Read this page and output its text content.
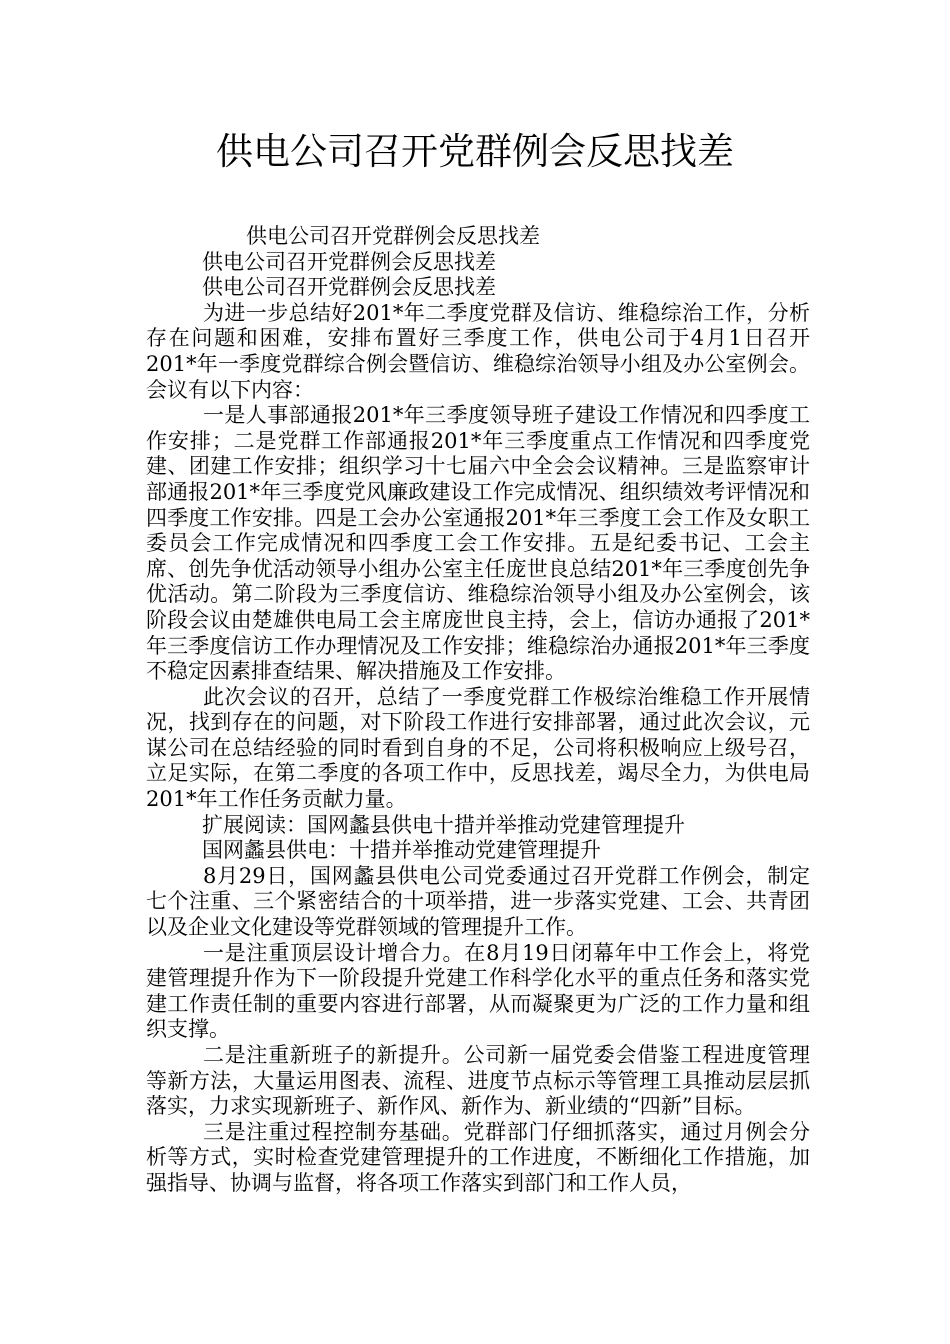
供电公司召开党群例会反思找差

供电公司召开党群例会反思找差

供电公司召开党群例会反思找差

供电公司召开党群例会反思找差

为进一步总结好201*年二季度党群及信访、维稳综治工作，分析存在问题和困难，安排布置好三季度工作，供电公司于4月1日召开201*年一季度党群综合例会暨信访、维稳综治领导小组及办公室例会。会议有以下内容：

一是人事部通报201*年三季度领导班子建设工作情况和四季度工作安排；二是党群工作部通报201*年三季度重点工作情况和四季度党建、团建工作安排；组织学习十七届六中全会会议精神。三是监察审计部通报201*年三季度党风廉政建设工作完成情况、组织绩效考评情况和四季度工作安排。四是工会办公室通报201*年三季度工会工作及女职工委员会工作完成情况和四季度工会工作安排。五是纪委书记、工会主席、创先争优活动领导小组办公室主任庞世良总结201*年三季度创先争优活动。第二阶段为三季度信访、维稳综治领导小组及办公室例会，该阶段会议由楚雄供电局工会主席庞世良主持，会上，信访办通报了201*年三季度信访工作办理情况及工作安排；维稳综治办通报201*年三季度不稳定因素排查结果、解决措施及工作安排。

此次会议的召开，总结了一季度党群工作极综治维稳工作开展情况，找到存在的问题，对下阶段工作进行安排部署，通过此次会议，元谋公司在总结经验的同时看到自身的不足，公司将积极响应上级号召，立足实际，在第二季度的各项工作中，反思找差，竭尽全力，为供电局201*年工作任务贡献力量。

扩展阅读：国网蠡县供电十措并举推动党建管理提升

国网蠡县供电：十措并举推动党建管理提升

8月29日，国网蠡县供电公司党委通过召开党群工作例会，制定七个注重、三个紧密结合的十项举措，进一步落实党建、工会、共青团以及企业文化建设等党群领域的管理提升工作。

一是注重顶层设计增合力。在8月19日闭幕年中工作会上，将党建管理提升作为下一阶段提升党建工作科学化水平的重点任务和落实党建工作责任制的重要内容进行部署，从而凝聚更为广泛的工作力量和组织支撑。

二是注重新班子的新提升。公司新一届党委会借鉴工程进度管理等新方法，大量运用图表、流程、进度节点标示等管理工具推动层层抓落实，力求实现新班子、新作风、新作为、新业绩的“四新”目标。

三是注重过程控制夯基础。党群部门仔细抓落实，通过月例会分析等方式，实时检查党建管理提升的工作进度，不断细化工作措施，加强指导、协调与监督，将各项工作落实到部门和工作人员，
